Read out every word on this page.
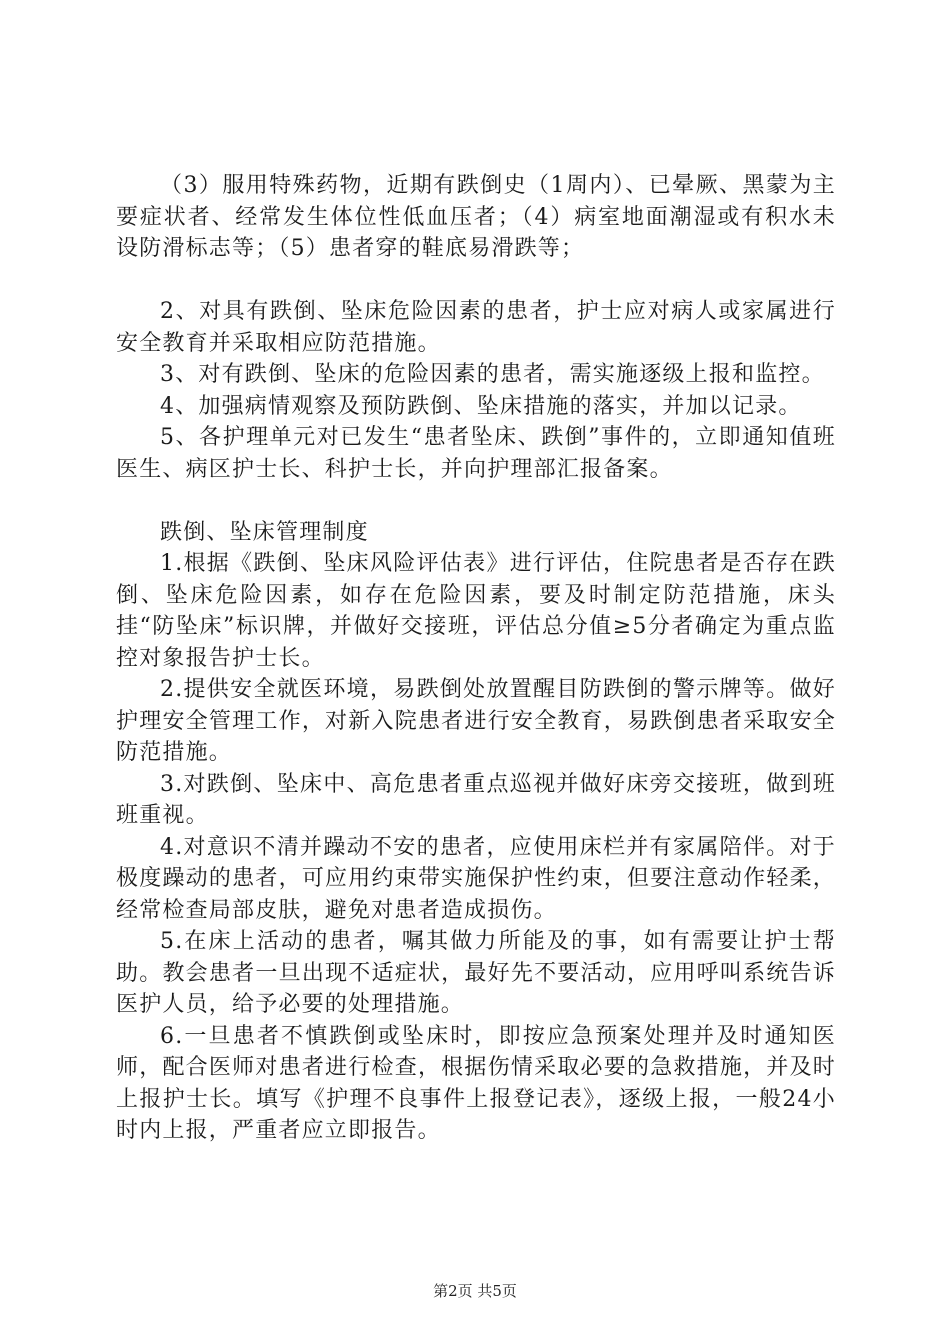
（3）服用特殊药物，近期有跌倒史（1周内）、已晕厥、黑蒙为主要症状者、经常发生体位性低血压者；（4）病室地面潮湿或有积水未设防滑标志等；（5）患者穿的鞋底易滑跌等；

2、对具有跌倒、坠床危险因素的患者，护士应对病人或家属进行安全教育并采取相应防范措施。

3、对有跌倒、坠床的危险因素的患者，需实施逐级上报和监控。

4、加强病情观察及预防跌倒、坠床措施的落实，并加以记录。

5、各护理单元对已发生“患者坠床、跌倒”事件的，立即通知值班医生、病区护士长、科护士长，并向护理部汇报备案。

跌倒、坠床管理制度

1.根据《跌倒、坠床风险评估表》进行评估，住院患者是否存在跌倒、坠床危险因素，如存在危险因素，要及时制定防范措施，床头挂“防坠床”标识牌，并做好交接班，评估总分值≥5分者确定为重点监控对象报告护士长。

2.提供安全就医环境，易跌倒处放置醒目防跌倒的警示牌等。做好护理安全管理工作，对新入院患者进行安全教育，易跌倒患者采取安全防范措施。

3.对跌倒、坠床中、高危患者重点巡视并做好床旁交接班，做到班班重视。

4.对意识不清并躁动不安的患者，应使用床栏并有家属陪伴。对于极度躁动的患者，可应用约束带实施保护性约束，但要注意动作轻柔，经常检查局部皮肤，避免对患者造成损伤。

5.在床上活动的患者，嘱其做力所能及的事，如有需要让护士帮助。教会患者一旦出现不适症状，最好先不要活动，应用呼叫系统告诉医护人员，给予必要的处理措施。

6.一旦患者不慎跌倒或坠床时，即按应急预案处理并及时通知医师，配合医师对患者进行检查，根据伤情采取必要的急救措施，并及时上报护士长。填写《护理不良事件上报登记表》，逐级上报，一般24小时内上报，严重者应立即报告。

第2页 共5页
